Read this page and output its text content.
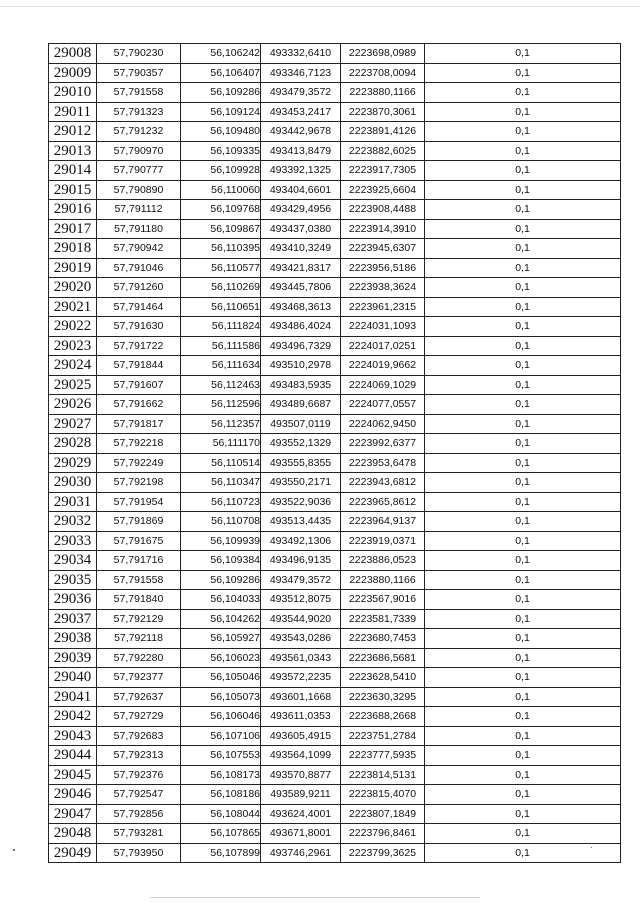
29008	57,790230	56,106242	493332,6410	2223698,0989	0,1
29009	57,790357	56,106407	493346,7123	2223708,0094	0,1
29010	57,791558	56,109286	493479,3572	2223880,1166	0,1
29011	57,791323	56,109124	493453,2417	2223870,3061	0,1
29012	57,791232	56,109480	493442,9678	2223891,4126	0,1
29013	57,790970	56,109335	493413,8479	2223882,6025	0,1
29014	57,790777	56,109928	493392,1325	2223917,7305	0,1
29015	57,790890	56,110060	493404,6601	2223925,6604	0,1
29016	57,791112	56,109768	493429,4956	2223908,4488	0,1
29017	57,791180	56,109867	493437,0380	2223914,3910	0,1
29018	57,790942	56,110395	493410,3249	2223945,6307	0,1
29019	57,791046	56,110577	493421,8317	2223956,5186	0,1
29020	57,791260	56,110269	493445,7806	2223938,3624	0,1
29021	57,791464	56,110651	493468,3613	2223961,2315	0,1
29022	57,791630	56,111824	493486,4024	2224031,1093	0,1
29023	57,791722	56,111586	493496,7329	2224017,0251	0,1
29024	57,791844	56,111634	493510,2978	2224019,9662	0,1
29025	57,791607	56,112463	493483,5935	2224069,1029	0,1
29026	57,791662	56,112596	493489,6687	2224077,0557	0,1
29027	57,791817	56,112357	493507,0119	2224062,9450	0,1
29028	57,792218	56,111170	493552,1329	2223992,6377	0,1
29029	57,792249	56,110514	493555,8355	2223953,6478	0,1
29030	57,792198	56,110347	493550,2171	2223943,6812	0,1
29031	57,791954	56,110723	493522,9036	2223965,8612	0,1
29032	57,791869	56,110708	493513,4435	2223964,9137	0,1
29033	57,791675	56,109939	493492,1306	2223919,0371	0,1
29034	57,791716	56,109384	493496,9135	2223886,0523	0,1
29035	57,791558	56,109286	493479,3572	2223880,1166	0,1
29036	57,791840	56,104033	493512,8075	2223567,9016	0,1
29037	57,792129	56,104262	493544,9020	2223581,7339	0,1
29038	57,792118	56,105927	493543,0286	2223680,7453	0,1
29039	57,792280	56,106023	493561,0343	2223686,5681	0,1
29040	57,792377	56,105046	493572,2235	2223628,5410	0,1
29041	57,792637	56,105073	493601,1668	2223630,3295	0,1
29042	57,792729	56,106046	493611,0353	2223688,2668	0,1
29043	57,792683	56,107106	493605,4915	2223751,2784	0,1
29044	57,792313	56,107553	493564,1099	2223777,5935	0,1
29045	57,792376	56,108173	493570,8877	2223814,5131	0,1
29046	57,792547	56,108186	493589,9211	2223815,4070	0,1
29047	57,792856	56,108044	493624,4001	2223807,1849	0,1
29048	57,793281	56,107865	493671,8001	2223796,8461	0,1
29049	57,793950	56,107899	493746,2961	2223799,3625	0,1
